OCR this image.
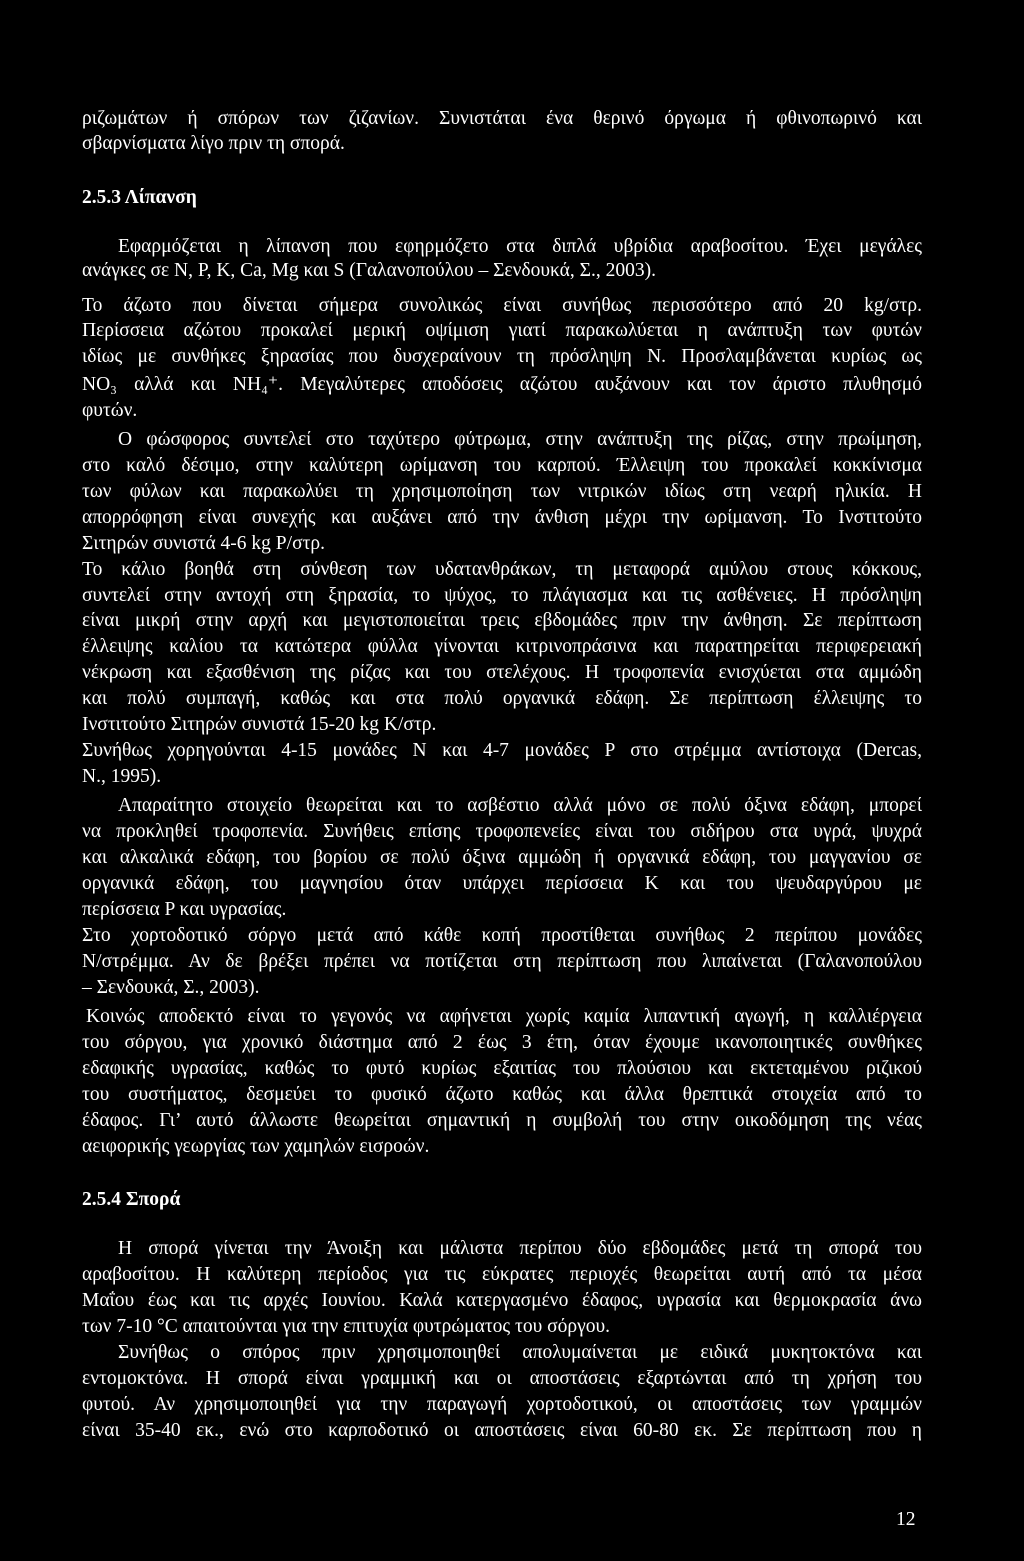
ριζωμάτων ή σπόρων των ζιζανίων. Συνιστάται ένα θερινό όργωμα ή φθινοπωρινό και
σβαρνίσματα λίγο πριν τη σπορά.
Εφαρμόζεται η λίπανση που εφηρμόζετο στα διπλά υβρίδια αραβοσίτου. Έχει μεγάλες
ανάγκες σε N, P, K, Ca, Mg και S (Γαλανοπούλου – Σενδουκά, Σ., 2003).
Το άζωτο που δίνεται σήμερα συνολικώς είναι συνήθως περισσότερο από 20 kg/στρ.
Περίσσεια αζώτου προκαλεί μερική οψίμιση γιατί παρακωλύεται η ανάπτυξη των φυτών
ιδίως με συνθήκες ξηρασίας που δυσχεραίνουν τη πρόσληψη N. Προσλαμβάνεται κυρίως ως
NO₃ αλλά και NH₄⁺. Μεγαλύτερες αποδόσεις αζώτου αυξάνουν και τον άριστο πλυθησμό
φυτών.
Ο φώσφορος συντελεί στο ταχύτερο φύτρωμα, στην ανάπτυξη της ρίζας, στην πρωίμηση,
στο καλό δέσιμο, στην καλύτερη ωρίμανση του καρπού. Έλλειψη του προκαλεί κοκκίνισμα
των φύλων και παρακωλύει τη χρησιμοποίηση των νιτρικών ιδίως στη νεαρή ηλικία. Η
απορρόφηση είναι συνεχής και αυξάνει από την άνθιση μέχρι την ωρίμανση. Το Ινστιτούτο
Σιτηρών συνιστά 4-6 kg P/στρ.
Το κάλιο βοηθά στη σύνθεση των υδατανθράκων, τη μεταφορά αμύλου στους κόκκους,
συντελεί στην αντοχή στη ξηρασία, το ψύχος, το πλάγιασμα και τις ασθένειες. Η πρόσληψη
είναι μικρή στην αρχή και μεγιστοποιείται τρεις εβδομάδες πριν την άνθηση. Σε περίπτωση
έλλειψης καλίου τα κατώτερα φύλλα γίνονται κιτρινοπράσινα και παρατηρείται περιφερειακή
νέκρωση και εξασθένιση της ρίζας και του στελέχους. Η τροφοπενία ενισχύεται στα αμμώδη
και πολύ συμπαγή, καθώς και στα πολύ οργανικά εδάφη. Σε περίπτωση έλλειψης το
Ινστιτούτο Σιτηρών συνιστά 15-20 kg K/στρ.
Συνήθως χορηγούνται 4-15 μονάδες N και 4-7 μονάδες P στο στρέμμα αντίστοιχα (Dercas,
N., 1995).
Απαραίτητο στοιχείο θεωρείται και το ασβέστιο αλλά μόνο σε πολύ όξινα εδάφη, μπορεί
να προκληθεί τροφοπενία. Συνήθεις επίσης τροφοπενείες είναι του σιδήρου στα υγρά, ψυχρά
και αλκαλικά εδάφη, του βορίου σε πολύ όξινα αμμώδη ή οργανικά εδάφη, του μαγγανίου σε
οργανικά εδάφη, του μαγνησίου όταν υπάρχει περίσσεια K και του ψευδαργύρου με
περίσσεια P και υγρασίας.
Στο χορτοδοτικό σόργο μετά από κάθε κοπή προστίθεται συνήθως 2 περίπου μονάδες
N/στρέμμα. Αν δε βρέξει πρέπει να ποτίζεται στη περίπτωση που λιπαίνεται (Γαλανοπούλου
– Σενδουκά, Σ., 2003).
Κοινώς αποδεκτό είναι το γεγονός να αφήνεται χωρίς καμία λιπαντική αγωγή, η καλλιέργεια
του σόργου, για χρονικό διάστημα από 2 έως 3 έτη, όταν έχουμε ικανοποιητικές συνθήκες
εδαφικής υγρασίας, καθώς το φυτό κυρίως εξαιτίας του πλούσιου και εκτεταμένου ριζικού
του συστήματος, δεσμεύει το φυσικό άζωτο καθώς και άλλα θρεπτικά στοιχεία από το
έδαφος. Γι’ αυτό άλλωστε θεωρείται σημαντική η συμβολή του στην οικοδόμηση της νέας
αειφορικής γεωργίας των χαμηλών εισροών.
Η σπορά γίνεται την Άνοιξη και μάλιστα περίπου δύο εβδομάδες μετά τη σπορά του
αραβοσίτου. Η καλύτερη περίοδος για τις εύκρατες περιοχές θεωρείται αυτή από τα μέσα
Μαΐου έως και τις αρχές Ιουνίου. Καλά κατεργασμένο έδαφος, υγρασία και θερμοκρασία άνω
των 7-10 °C απαιτούνται για την επιτυχία φυτρώματος του σόργου.
Συνήθως ο σπόρος πριν χρησιμοποιηθεί απολυμαίνεται με ειδικά μυκητοκτόνα και
εντομοκτόνα. Η σπορά είναι γραμμική και οι αποστάσεις εξαρτώνται από τη χρήση του
φυτού. Αν χρησιμοποιηθεί για την παραγωγή χορτοδοτικού, οι αποστάσεις των γραμμών
είναι 35-40 εκ., ενώ στο καρποδοτικό οι αποστάσεις είναι 60-80 εκ. Σε περίπτωση που η
2.5.3 Λίπανση
2.5.4 Σπορά
12
